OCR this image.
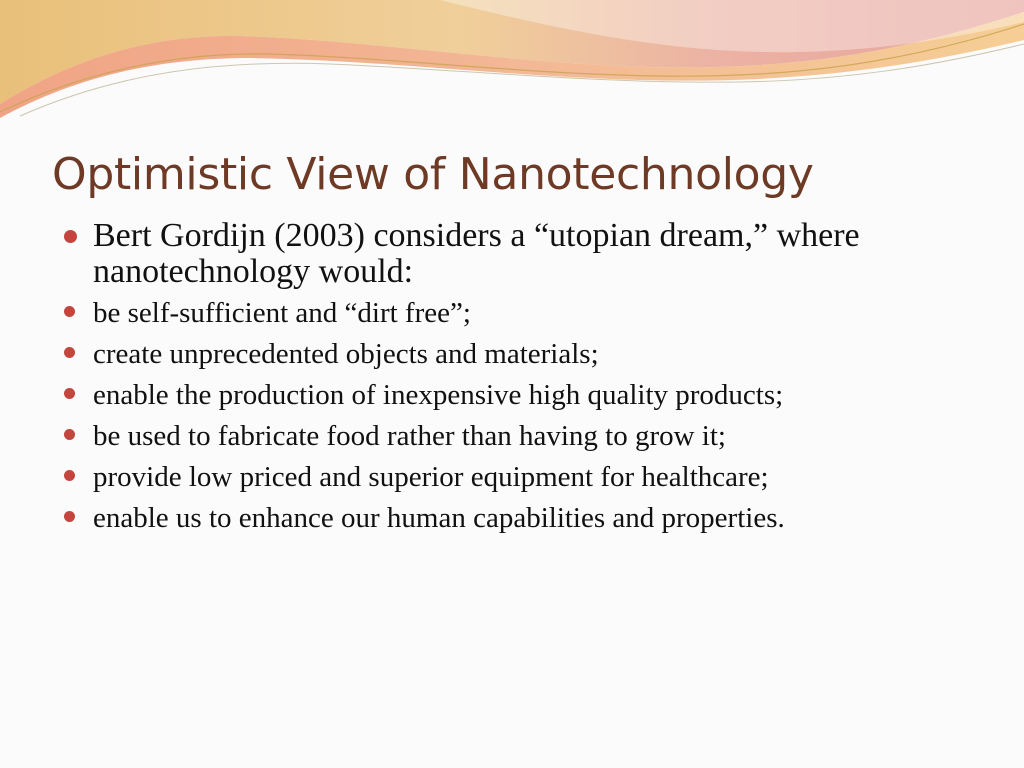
Optimistic View of Nanotechnology
Bert Gordijn (2003) considers a “utopian dream,” where nanotechnology would:
be self-sufficient and “dirt free”;
create unprecedented objects and materials;
enable the production of inexpensive high quality products;
be used to fabricate food rather than having to grow it;
provide low priced and superior equipment for healthcare;
enable us to enhance our human capabilities and properties.
